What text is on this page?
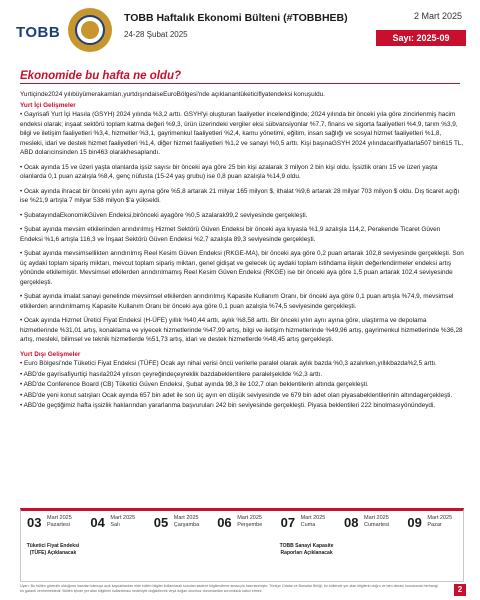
TOBB
TOBB Haftalık Ekonomi Bülteni (#TOBBHEB)
24-28 Şubat 2025
2 Mart 2025
Sayı: 2025-09
Ekonomide bu hafta ne oldu?

Yurtiçinde2024 yılıbüyümerakamları,yurtdışındaiseEuroBölgesi'nde açıklanantüketiciflyatendeksi konuşuldu.

Yurt İçi Gelişmeler

• Gayrisafi Yurt İçi Hasıla (GSYH) 2024 yılında %3,2 arttı. GSYH'yi oluşturan faaliyetler incelendiğinde; 2024 yılında bir önceki yıla göre zincirlenmiş hacim endeksi olarak; inşaat sektörü toplam katma değeri %9,3, ürün üzerindeki vergiler eksi sübvansiyonlar %7,7, finans ve sigorta faaliyetleri %4,9, tarım %3,9, bilgi ve iletişim faaliyetleri %3,4, hizmetler %3,1, gayrimenkul faaliyetleri %2,4, kamu yönetimi, eğitim, insan sağlığı ve sosyal hizmet faaliyetleri %1,8, mesleki, idari ve destek hizmet faaliyetleri %1,4, diğer hizmet faaliyetleri %1,2 ve sanayi %0,5 arttı. Kişi başınaGSYH 2024 yılındacariflyatlarla507 bin615 TL, ABD dolarıcinsinden 15 bin463 olarakhesaplandı.

• Ocak ayında 15 ve üzeri yaşta olanlarda işsiz sayısı bir önceki aya göre 25 bin kişi azalarak 3 milyon 2 bin kişi oldu. İşsizlik oranı 15 ve üzeri yaşta olanlarda 0,1 puan azalışla %8,4, genç nüfusta (15-24 yaş grubu) ise 0,8 puan azalışla %14,9 oldu.

• Ocak ayında ihracat bir önceki yılın aynı ayına göre %5,8 artarak 21 milyar 165 milyon $, ithalat %9,6 artarak 28 milyar 703 milyon $ oldu. Dış ticaret açığı ise %21,9 artışla 7 milyar 538 milyon $'a yükseldi.

• ŞubatayındaEkonomikGüven Endeksi,birönceki ayagöre %0,5 azalarak99,2 seviyesinde gerçekleşti.

• Şubat ayında mevsim etkilerinden arındırılmış Hizmet Sektörü Güven Endeksi bir önceki aya kıyasla %1,9 azalışla 114,2, Perakende Ticaret Güven Endeksi %1,6 artışla 116,3 ve İnşaat Sektörü Güven Endeksi %2,7 azalışla 89,3 seviyesinde gerçekleşti.

• Şubat ayında mevsimsellikten arındırılmış Reel Kesim Güven Endeksi (RKGE-MA), bir önceki aya göre 0,2 puan artarak 102,8 seviyesinde gerçekleşti. Son üç aydaki toplam sipariş miktarı, mevcut toplam sipariş miktarı, genel gidişat ve gelecek üç aydaki toplam istihdama ilişkin değerlendirmeler endeksi artış yönünde etkilemiştir. Mevsimsel etkilerden arındırılmamış Reel Kesim Güven Endeksi (RKGE) ise bir önceki aya göre 1,5 puan artarak 102,4 seviyesinde gerçekleşti.

• Şubat ayında imalat sanayi genelinde mevsimsel etkilerden arındırılmış Kapasite Kullanım Oranı, bir önceki aya göre 0,1 puan artışla %74,9, mevsimsel etkilerden arındırılmamış Kapasite Kullanım Oranı bir önceki aya göre 0,1 puan azalışla %74,5 seviyesinde gerçekleşti.

• Ocak ayında Hizmet Üretici Fiyat Endeksi (H-ÜFE) yıllık %40,44 arttı, aylık %8,58 arttı. Bir önceki yılın aynı ayına göre, ulaştırma ve depolama hizmetlerinde %31,01 artış, konaklama ve yiyecek hizmetlerinde %47,99 artış, bilgi ve iletişim hizmetlerinde %49,96 artış, gayrimenkul hizmetlerinde %36,28 artış, mesleki, bilimsel ve teknik hizmetlerde %51,73 artış, idari ve destek hizmetlerde %48,45 artış gerçekleşti.

Yurt Dışı Gelişmeler

• Euro Bölgesi'nde Tüketici Fiyat Endeksi (TÜFE) Ocak ayı nihai verisi öncü verilerle paralel olarak aylık bazda %0,3 azalırken,yıllıkbazda%2,5 arttı.

• ABD'de gayrisafiyurtiçi hasıla2024 yılıson çeyreğindeçeyreklik bazdabeklentilere paralelşekilde %2,3 arttı.

• ABD'de Conference Board (CB) Tüketici Güven Endeksi, Şubat ayında 98,3 ile 102,7 olan beklentilerin altında gerçekleşti.

• ABD'de yeni konut satışları Ocak ayında 657 bin adet ile son üç ayın en düşük seviyesinde ve 679 bin adet olan piyasabeklentilerinin altındagerçekleşti.

• ABD'de geçtiğimiz hafta işsizlik haklarından yararlanma başvuruları 242 bin seviyesinde gerçekleşti. Piyasa beklentileri 222 binolmasıyönündeydi.

03 Mart 2025
Pazartesi
Tüketici Fiyat Endeksi (TÜFE) Açıklanacak
04 Mart 2025
Salı	05 Mart 2025
Çarşamba 06 Mart 2025
Perşembe 07 Mart 2025
Cuma
TOBB Sanayi Kapasite Raporları Açıklanacak
08 Mart 2025
Cumartesi 09 Mart 2025
Pazar
Uyarı: Bu bülten güvenilir olduğuna inanılan kamuya açık kaynaklardan elde edilen bilgiler kullanılarak sunulan sadece bilgilendirme amacıyla hazırlanmıştır. Türkiye Odalar ve Borsalar Birliği, bu bültende yer alan bilgilerin doğru ve tam olması konusunda herhangi bir garanti vermemektedir. Bülten içinde yer alan bilgilerin kullanılması nedeniyle doğabilecek veya doğan olumsuz durumlardan sorumluluk kabul etmez.	2
